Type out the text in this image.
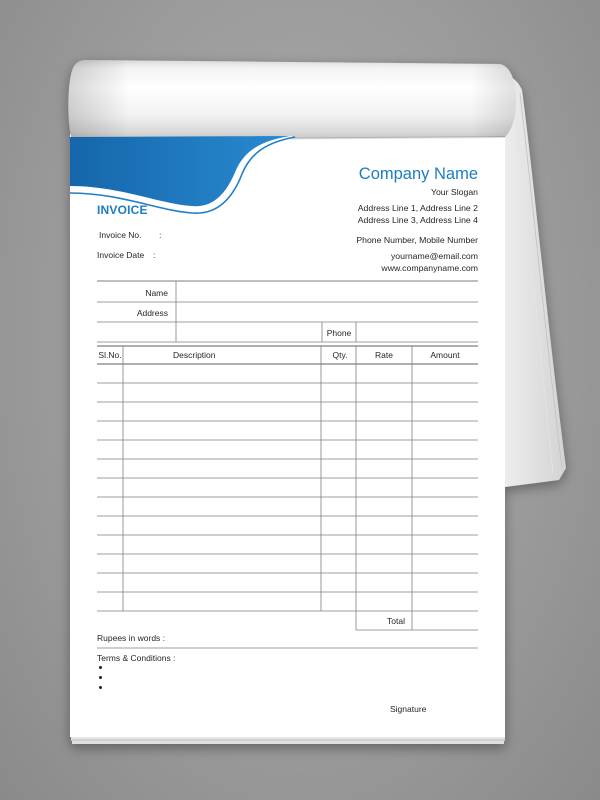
Company Name
Your Slogan
Address Line 1, Address Line 2
Address Line 3, Address Line 4
Phone Number, Mobile Number
yourname@email.com
www.companyname.com
INVOICE
Invoice No. :
Invoice Date :
Name
Address
Phone
Sl.No.	Description	Qty.	Rate	Amount
Total
Rupees in words :
Terms & Conditions :
Signature
